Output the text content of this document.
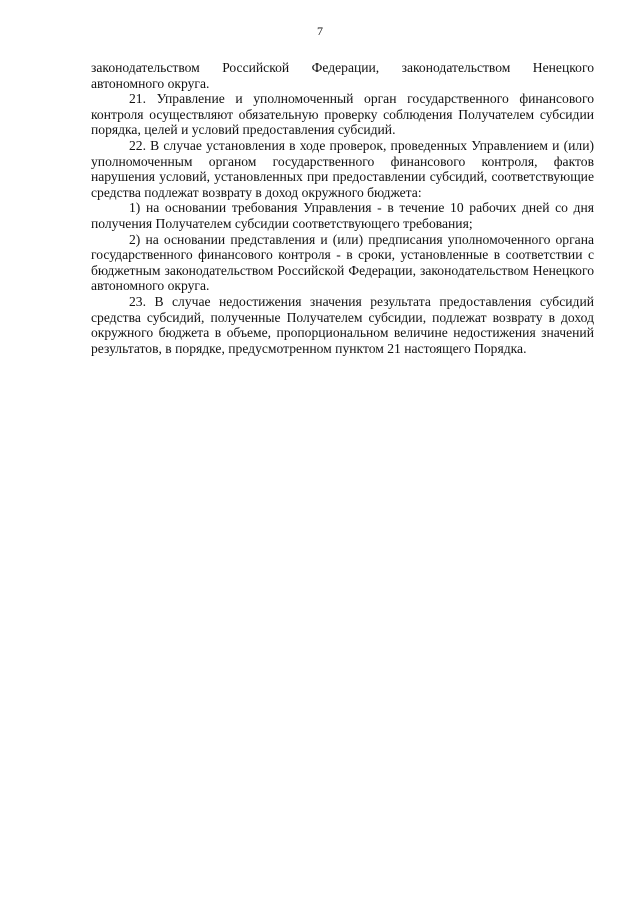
7

законодательством Российской Федерации, законодательством Ненецкого автономного округа.

21. Управление и уполномоченный орган государственного финансового контроля осуществляют обязательную проверку соблюдения Получателем субсидии порядка, целей и условий предоставления субсидий.

22. В случае установления в ходе проверок, проведенных Управлением и (или) уполномоченным органом государственного финансового контроля, фактов нарушения условий, установленных при предоставлении субсидий, соответствующие средства подлежат возврату в доход окружного бюджета:

1) на основании требования Управления - в течение 10 рабочих дней со дня получения Получателем субсидии соответствующего требования;

2) на основании представления и (или) предписания уполномоченного органа государственного финансового контроля - в сроки, установленные в соответствии с бюджетным законодательством Российской Федерации, законодательством Ненецкого автономного округа.

23. В случае недостижения значения результата предоставления субсидий средства субсидий, полученные Получателем субсидии, подлежат возврату в доход окружного бюджета в объеме, пропорциональном величине недостижения значений результатов, в порядке, предусмотренном пунктом 21 настоящего Порядка.
